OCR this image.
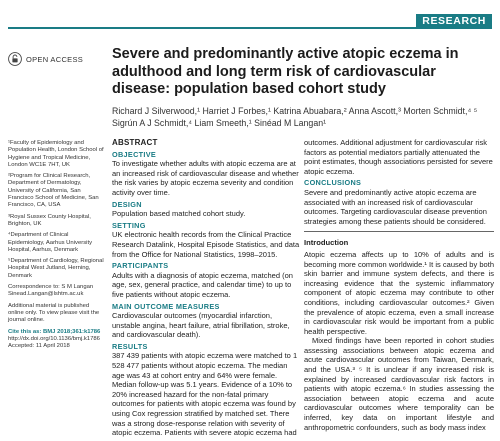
RESEARCH
OPEN ACCESS Severe and predominantly active atopic eczema in adulthood and long term risk of cardiovascular disease: population based cohort study
Richard J Silverwood,¹ Harriet J Forbes,¹ Katrina Abuabara,² Anna Ascott,³ Morten Schmidt,⁴ ⁵ Sigrún A J Schmidt,⁴ Liam Smeeth,¹ Sinéad M Langan¹

¹Faculty of Epidemiology and Population Health, London School of Hygiene and Tropical Medicine, London WC1E 7HT, UK

²Program for Clinical Research, Department of Dermatology, University of California, San Francisco School of Medicine, San Francisco, CA, USA

³Royal Sussex County Hospital, Brighton, UK

⁴Department of Clinical Epidemiology, Aarhus University Hospital, Aarhus, Denmark

⁵Department of Cardiology, Regional Hospital West Jutland, Herning, Denmark

Correspondence to: S M Langan Sinead.Langan@lshtm.ac.uk

Additional material is published online only. To view please visit the journal online.

Cite this as: BMJ 2018;361:k1786
http://dx.doi.org/10.1136/bmj.k1786

Accepted: 11 April 2018

ABSTRACT
OBJECTIVE
To investigate whether adults with atopic eczema are at an increased risk of cardiovascular disease and whether the risk varies by atopic eczema severity and condition activity over time.
DESIGN
Population based matched cohort study.
SETTING
UK electronic health records from the Clinical Practice Research Datalink, Hospital Episode Statistics, and data from the Office for National Statistics, 1998–2015.
PARTICIPANTS
Adults with a diagnosis of atopic eczema, matched (on age, sex, general practice, and calendar time) to up to five patients without atopic eczema.
MAIN OUTCOME MEASURES
Cardiovascular outcomes (myocardial infarction, unstable angina, heart failure, atrial fibrillation, stroke, and cardiovascular death).
RESULTS
387 439 patients with atopic eczema were matched to 1 528 477 patients without atopic eczema. The median age was 43 at cohort entry and 64% were female. Median follow-up was 5.1 years. Evidence of a 10% to 20% increased hazard for the non-fatal primary outcomes for patients with atopic eczema was found by using Cox regression stratified by matched set. There was a strong dose-response relation with severity of atopic eczema. Patients with severe atopic eczema had
outcomes. Additional adjustment for cardiovascular risk factors as potential mediators partially attenuated the point estimates, though associations persisted for severe atopic eczema.
CONCLUSIONS
Severe and predominantly active atopic eczema are associated with an increased risk of cardiovascular outcomes. Targeting cardiovascular disease prevention strategies among these patients should be considered.
Introduction
Atopic eczema affects up to 10% of adults and is becoming more common worldwide.¹ It is caused by both skin barrier and immune system defects, and there is increasing evidence that the systemic inflammatory component of atopic eczema may contribute to other conditions, including cardiovascular outcomes.² Given the prevalence of atopic eczema, even a small increase in cardiovascular risk would be important from a public health perspective.
Mixed findings have been reported in cohort studies assessing associations between atopic eczema and acute cardiovascular outcomes from Taiwan, Denmark, and the USA.³ ⁵ It is unclear if any increased risk is explained by increased cardiovascular risk factors in patients with atopic eczema.⁶ In studies assessing the association between atopic eczema and acute cardiovascular outcomes where temporality can be inferred, key data on important lifestyle and anthropometric confounders, such as body mass index
